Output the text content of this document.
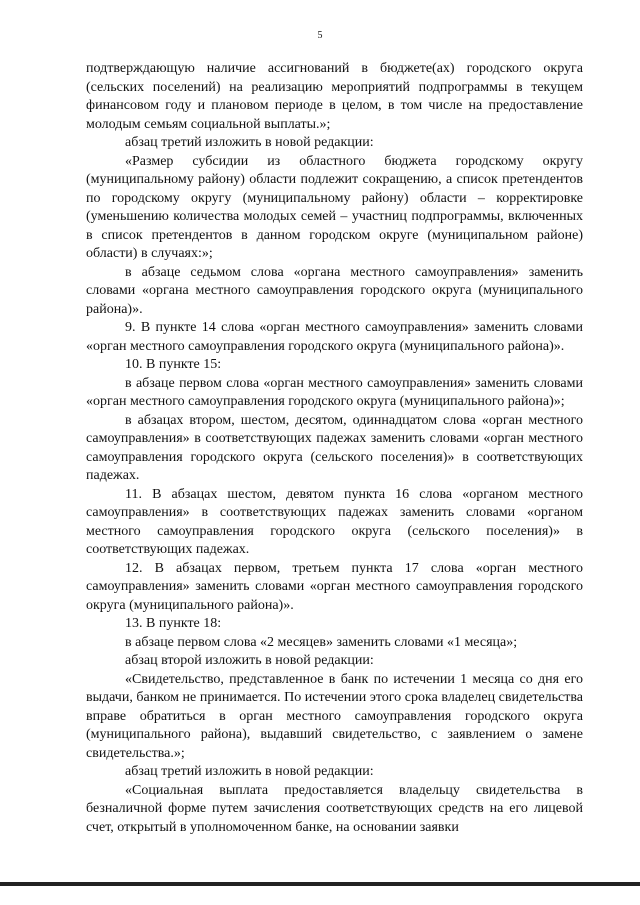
5

подтверждающую наличие ассигнований в бюджете(ах) городского округа (сельских поселений) на реализацию мероприятий подпрограммы в текущем финансовом году и плановом периоде в целом, в том числе на предоставление молодым семьям социальной выплаты.»;

абзац третий изложить в новой редакции:

«Размер субсидии из областного бюджета городскому округу (муниципальному району) области подлежит сокращению, а список претендентов по городскому округу (муниципальному району) области – корректировке (уменьшению количества молодых семей – участниц подпрограммы, включенных в список претендентов в данном городском округе (муниципальном районе) области) в случаях:»;

в абзаце седьмом слова «органа местного самоуправления» заменить словами «органа местного самоуправления городского округа (муниципального района)».

9. В пункте 14 слова «орган местного самоуправления» заменить словами «орган местного самоуправления городского округа (муниципального района)».

10. В пункте 15:

в абзаце первом слова «орган местного самоуправления» заменить словами «орган местного самоуправления городского округа (муниципального района)»;

в абзацах втором, шестом, десятом, одиннадцатом слова «орган местного самоуправления» в соответствующих падежах заменить словами «орган местного самоуправления городского округа (сельского поселения)» в соответствующих падежах.

11. В абзацах шестом, девятом пункта 16 слова «органом местного самоуправления» в соответствующих падежах заменить словами «органом местного самоуправления городского округа (сельского поселения)» в соответствующих падежах.

12. В абзацах первом, третьем пункта 17 слова «орган местного самоуправления» заменить словами «орган местного самоуправления городского округа (муниципального района)».

13. В пункте 18:

в абзаце первом слова «2 месяцев» заменить словами «1 месяца»;

абзац второй изложить в новой редакции:

«Свидетельство, представленное в банк по истечении 1 месяца со дня его выдачи, банком не принимается. По истечении этого срока владелец свидетельства вправе обратиться в орган местного самоуправления городского округа (муниципального района), выдавший свидетельство, с заявлением о замене свидетельства.»;

абзац третий изложить в новой редакции:

«Социальная выплата предоставляется владельцу свидетельства в безналичной форме путем зачисления соответствующих средств на его лицевой счет, открытый в уполномоченном банке, на основании заявки
